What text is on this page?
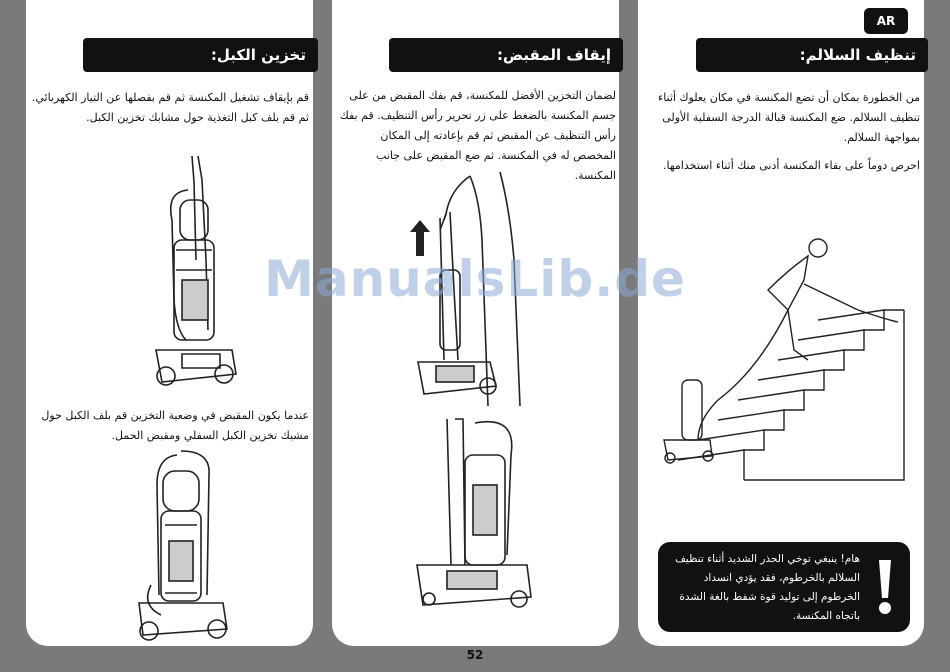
تخزين الكبل:
قم بإيقاف تشغيل المكنسة ثم قم بفصلها عن التيار الكهربائي. ثم قم بلف كبل التغذية حول مشابك تخزين الكبل.
عندما يكون المقبض في وضعية التخزين قم بلف الكبل حول مشبك تخزين الكبل السفلي ومقبض الحمل.
إيقاف المقبض:
لضمان التخزين الأفضل للمكنسة، قم بفك المقبض من على جسم المكنسة بالضغط على زر تحرير رأس التنظيف. قم بفك رأس التنظيف عن المقبض ثم قم بإعادته إلى المكان المخصص له في المكنسة. ثم ضع المقبض على جانب المكنسة.
AR
تنظيف السلالم:
من الخطورة بمكان أن تضع المكنسة في مكان يعلوك أثناء تنظيف السلالم. ضع المكنسة قبالة الدرجة السفلية الأولى بمواجهة السلالم.
احرص دوماً على بقاء المكنسة أدنى منك أثناء استخدامها.
هام! ينبغي توخي الحذر الشديد أثناء تنظيف السلالم بالخرطوم، فقد يؤدي انسداد الخرطوم إلى توليد قوة شفط بالغة الشدة باتجاه المكنسة.
ManualsLib.de
52
